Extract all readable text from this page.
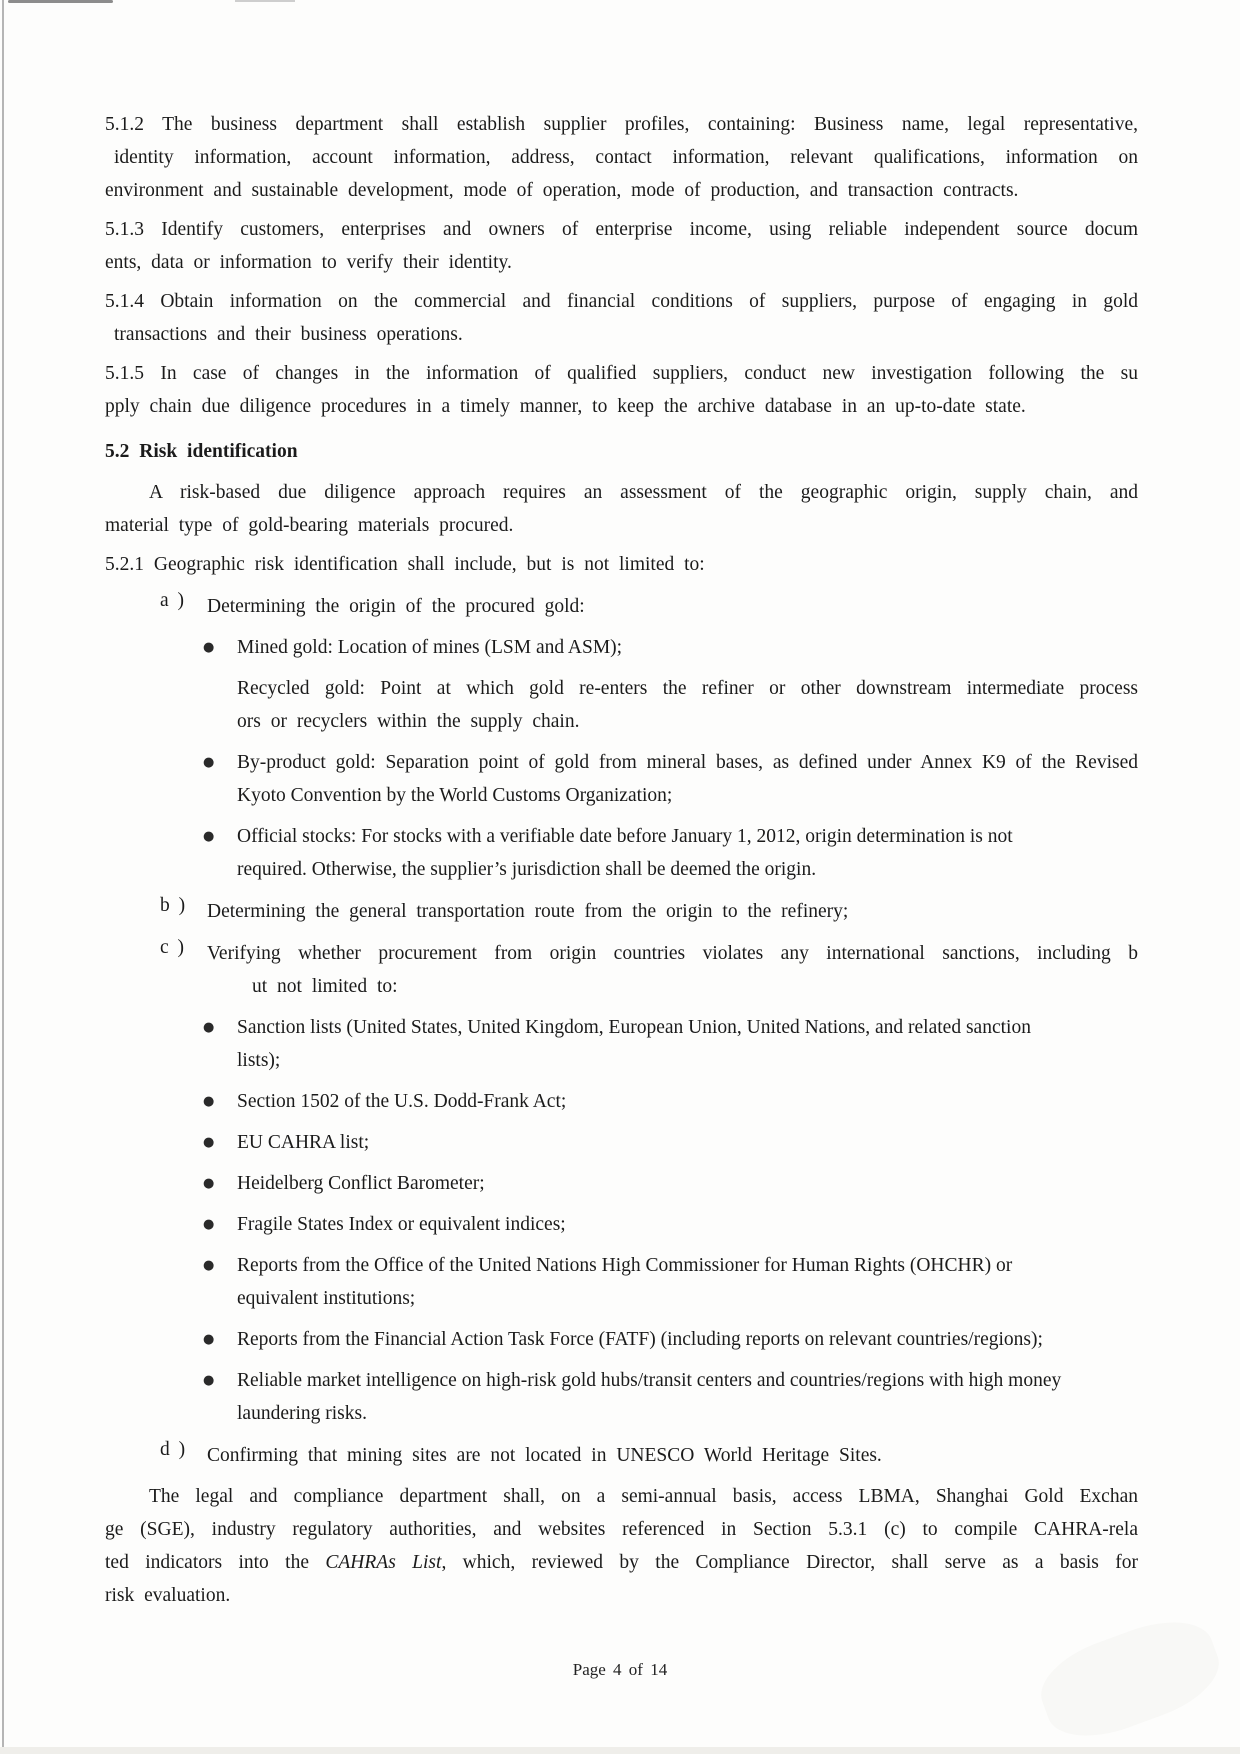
5.1.2 The business department shall establish supplier profiles, containing: Business name, legal representative,
identity information, account information, address, contact information, relevant qualifications, information on
environment and sustainable development, mode of operation, mode of production, and transaction contracts.
5.1.3 Identify customers, enterprises and owners of enterprise income, using reliable independent source docum
ents, data or information to verify their identity.
5.1.4 Obtain information on the commercial and financial conditions of suppliers, purpose of engaging in gold
transactions and their business operations.
5.1.5 In case of changes in the information of qualified suppliers, conduct new investigation following the su
pply chain due diligence procedures in a timely manner, to keep the archive database in an up-to-date state.
5.2 Risk identification
A risk-based due diligence approach requires an assessment of the geographic origin, supply chain, and
material type of gold-bearing materials procured.
5.2.1 Geographic risk identification shall include, but is not limited to:
a )	Determining the origin of the procured gold:
●	Mined gold: Location of mines (LSM and ASM);
Recycled gold: Point at which gold re-enters the refiner or other downstream intermediate process
ors or recyclers within the supply chain.
●	By-product gold: Separation point of gold from mineral bases, as defined under Annex K9 of the Revised
Kyoto Convention by the World Customs Organization;
●	Official stocks: For stocks with a verifiable date before January 1, 2012, origin determination is not
required. Otherwise, the supplier’s jurisdiction shall be deemed the origin.
b )	Determining the general transportation route from the origin to the refinery;
c )	Verifying whether procurement from origin countries violates any international sanctions, including b
ut not limited to:
●	Sanction lists (United States, United Kingdom, European Union, United Nations, and related sanction
lists);
●	Section 1502 of the U.S. Dodd-Frank Act;
●	EU CAHRA list;
●	Heidelberg Conflict Barometer;
●	Fragile States Index or equivalent indices;
●	Reports from the Office of the United Nations High Commissioner for Human Rights (OHCHR) or
equivalent institutions;
●	Reports from the Financial Action Task Force (FATF) (including reports on relevant countries/regions);
●	Reliable market intelligence on high-risk gold hubs/transit centers and countries/regions with high money
laundering risks.
d )	Confirming that mining sites are not located in UNESCO World Heritage Sites.
The legal and compliance department shall, on a semi-annual basis, access LBMA, Shanghai Gold Exchan
ge (SGE), industry regulatory authorities, and websites referenced in Section 5.3.1 (c) to compile CAHRA-rela
ted indicators into the CAHRAs List, which, reviewed by the Compliance Director, shall serve as a basis for
risk evaluation.
Page 4 of 14
